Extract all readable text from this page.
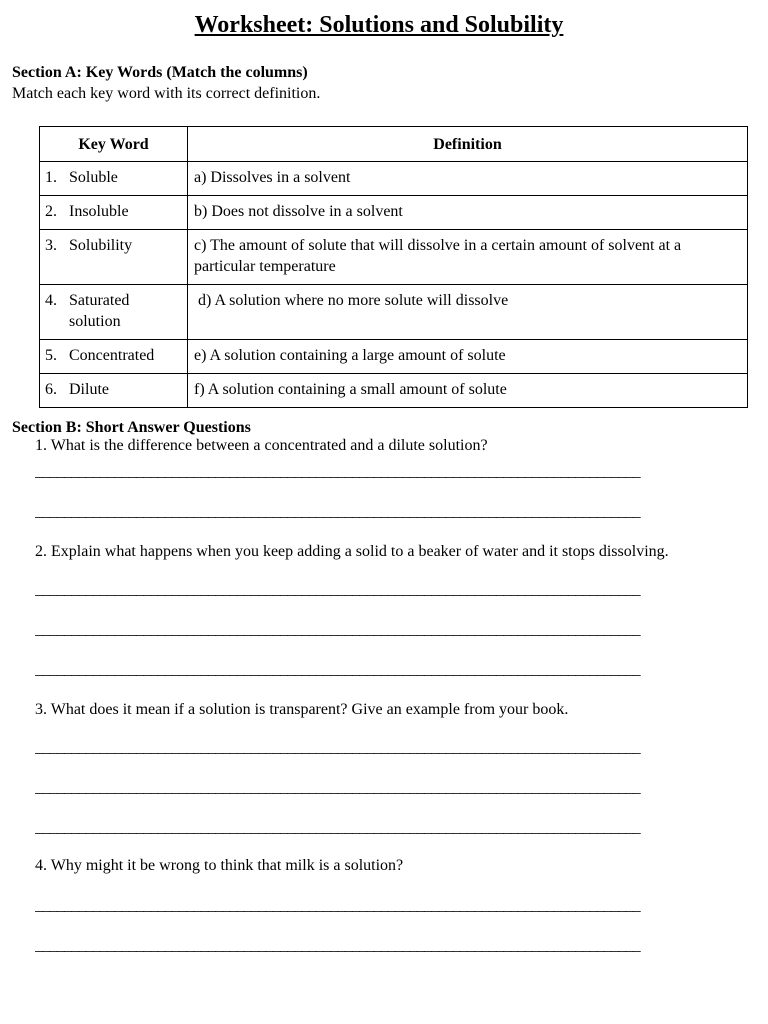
Worksheet: Solutions and Solubility
Section A: Key Words (Match the columns)
Match each key word with its correct definition.
Key Word	Definition

1. Soluble	a) Dissolves in a solvent

2. Insoluble	b) Does not dissolve in a solvent

3. Solubility	c) The amount of solute that will dissolve in a certain amount of solvent at a particular temperature

4. Saturated solution	d) A solution where no more solute will dissolve

5. Concentrated	e) A solution containing a large amount of solute

6. Dilute	f) A solution containing a small amount of solute
Section B: Short Answer Questions
1. What is the difference between a concentrated and a dilute solution?
____________________________________________________________________________________
____________________________________________________________________________________
2. Explain what happens when you keep adding a solid to a beaker of water and it stops dissolving.
____________________________________________________________________________________
____________________________________________________________________________________
____________________________________________________________________________________
3. What does it mean if a solution is transparent? Give an example from your book.
____________________________________________________________________________________
____________________________________________________________________________________
____________________________________________________________________________________
4. Why might it be wrong to think that milk is a solution?
____________________________________________________________________________________
____________________________________________________________________________________
